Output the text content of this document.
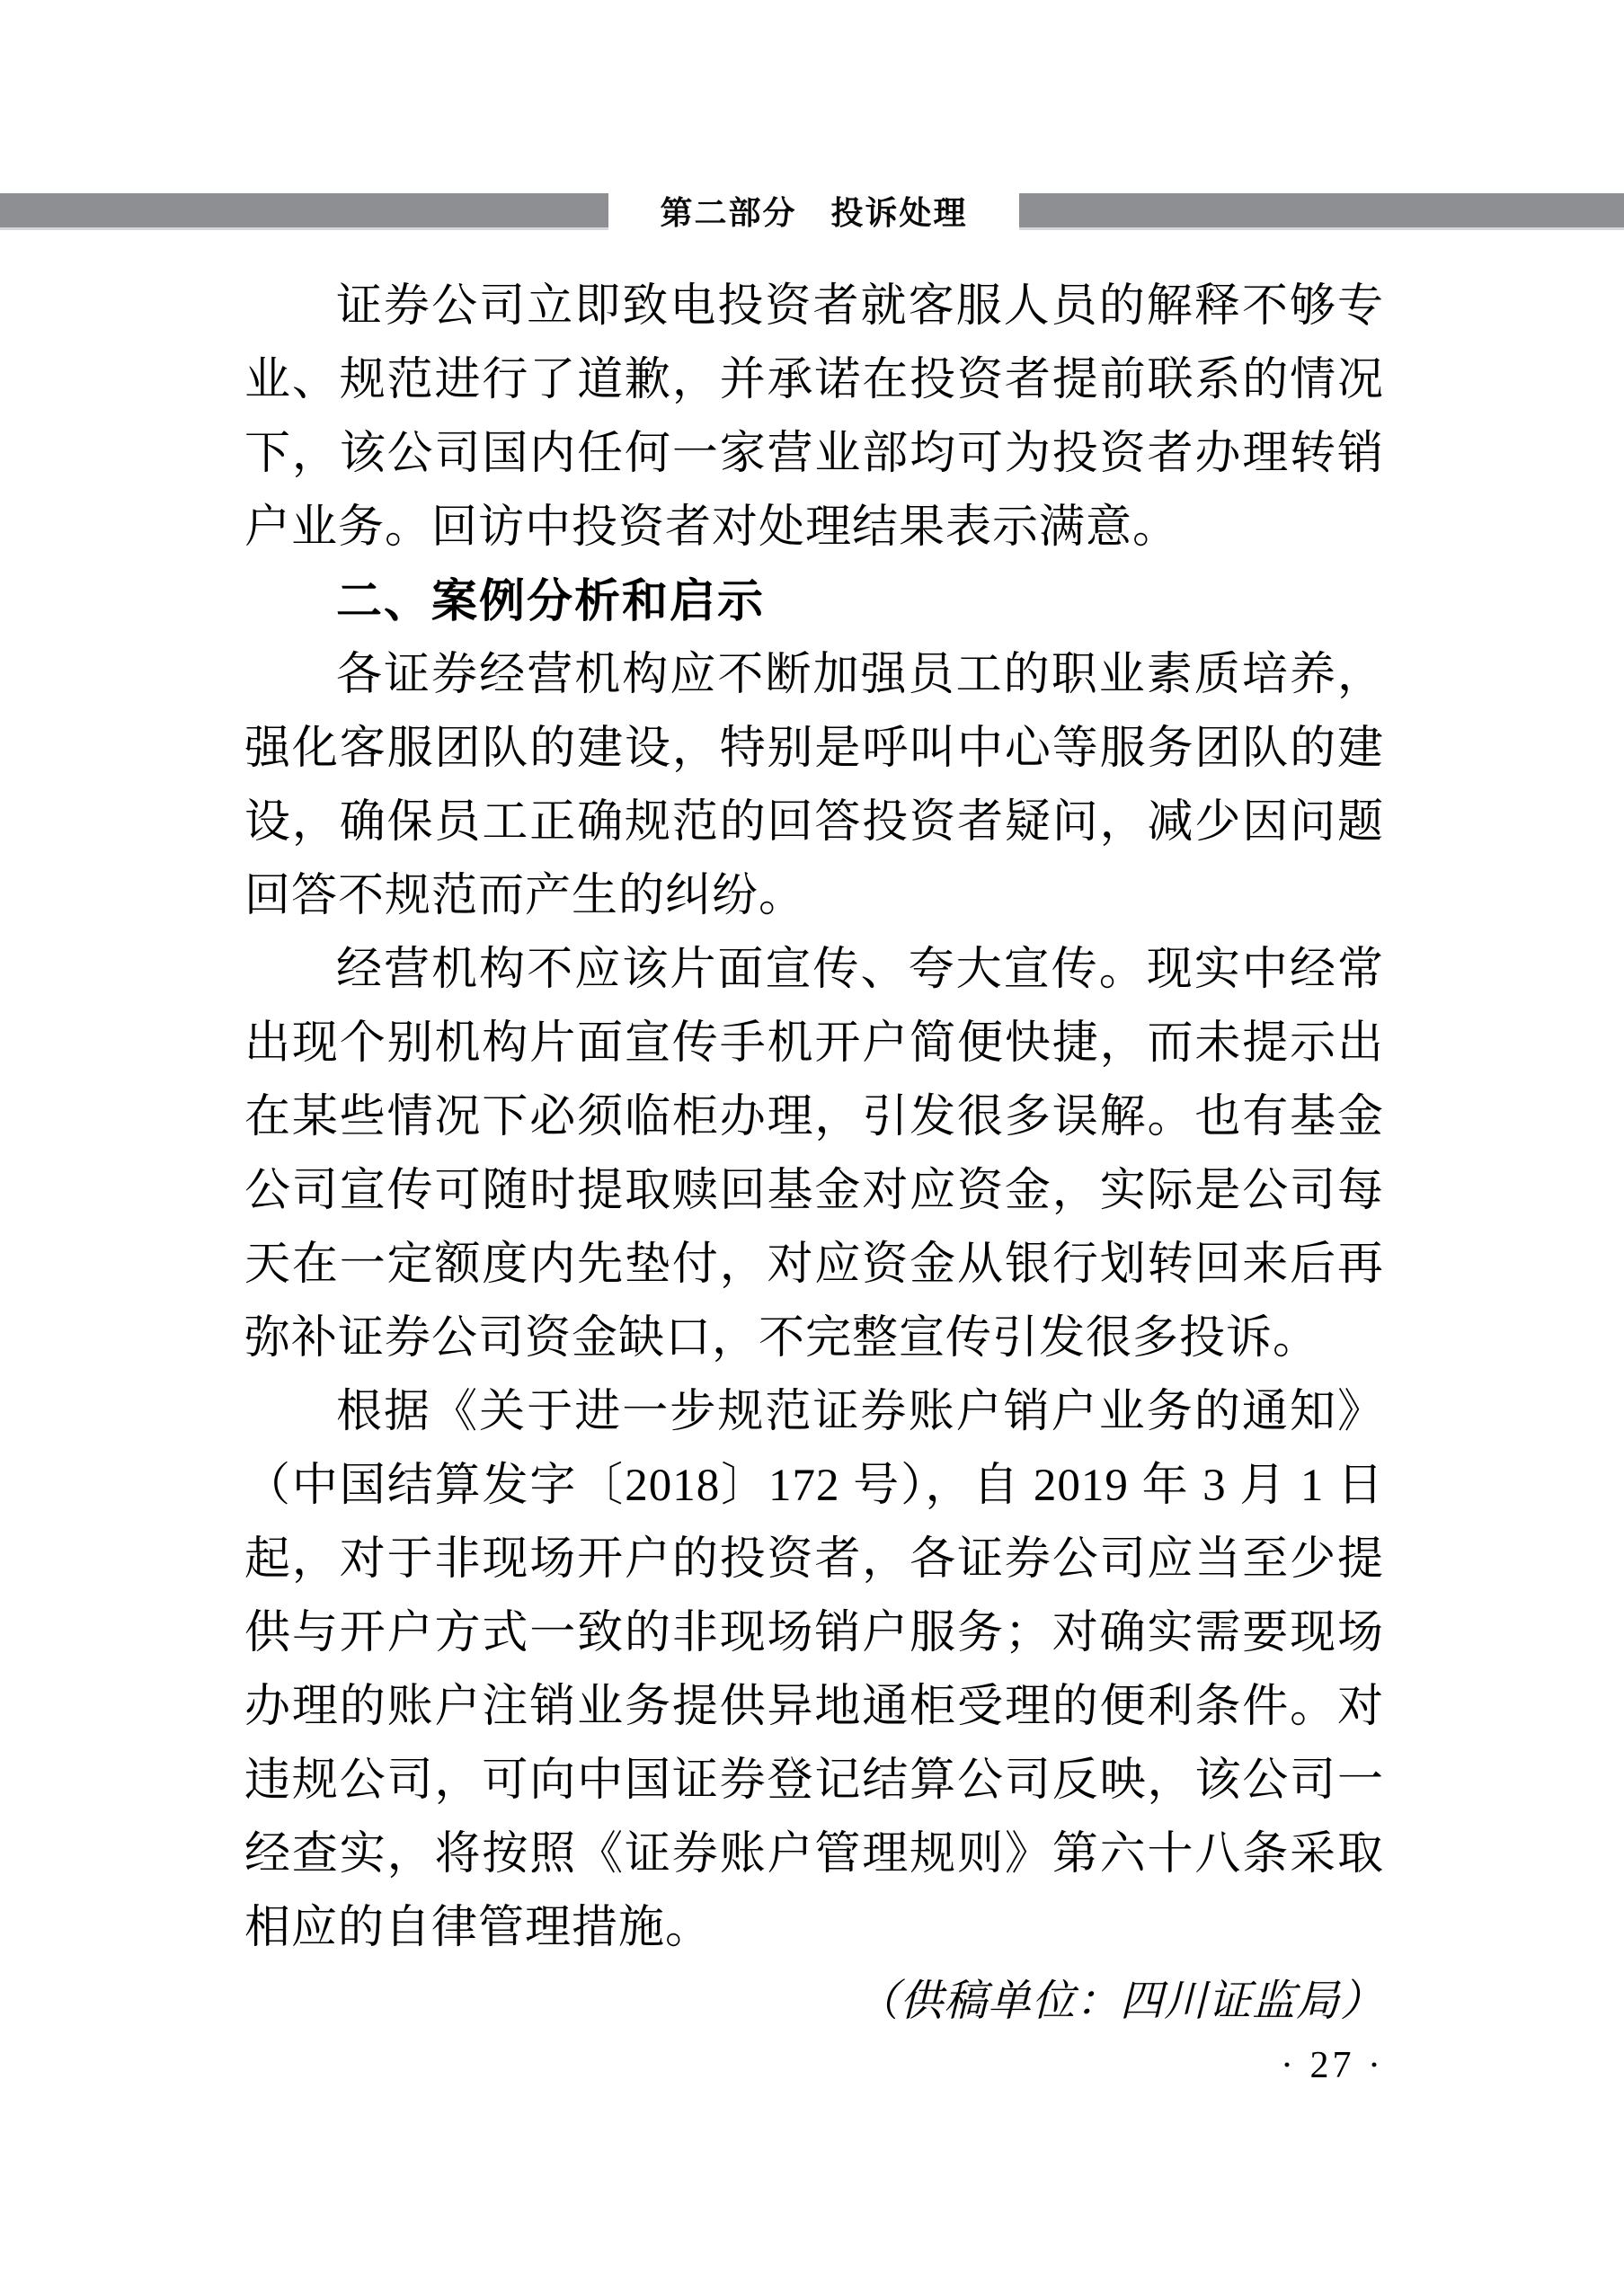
第二部分　投诉处理

证券公司立即致电投资者就客服人员的解释不够专业、规范进行了道歉，并承诺在投资者提前联系的情况下，该公司国内任何一家营业部均可为投资者办理转销户业务。回访中投资者对处理结果表示满意。

二、案例分析和启示

各证券经营机构应不断加强员工的职业素质培养，强化客服团队的建设，特别是呼叫中心等服务团队的建设，确保员工正确规范的回答投资者疑问，减少因问题回答不规范而产生的纠纷。

经营机构不应该片面宣传、夸大宣传。现实中经常出现个别机构片面宣传手机开户简便快捷，而未提示出在某些情况下必须临柜办理，引发很多误解。也有基金公司宣传可随时提取赎回基金对应资金，实际是公司每天在一定额度内先垫付，对应资金从银行划转回来后再弥补证券公司资金缺口，不完整宣传引发很多投诉。

根据《关于进一步规范证券账户销户业务的通知》（中国结算发字〔2018〕172 号），自 2019 年 3 月 1 日起，对于非现场开户的投资者，各证券公司应当至少提供与开户方式一致的非现场销户服务；对确实需要现场办理的账户注销业务提供异地通柜受理的便利条件。对违规公司，可向中国证券登记结算公司反映，该公司一经查实，将按照《证券账户管理规则》第六十八条采取相应的自律管理措施。

（供稿单位：四川证监局）

· 27 ·
